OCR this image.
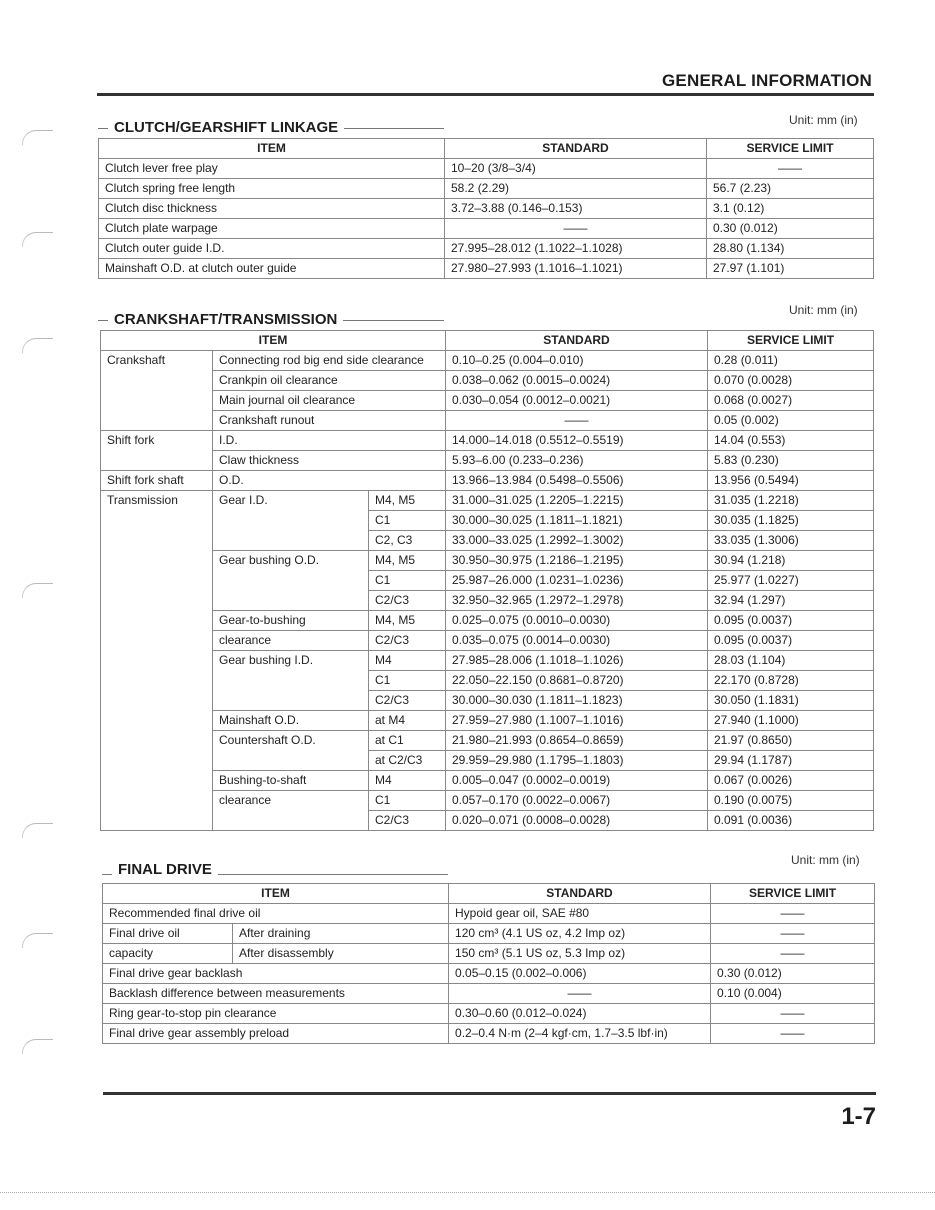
GENERAL INFORMATION
CLUTCH/GEARSHIFT LINKAGE	Unit: mm (in)
ITEM	STANDARD	SERVICE LIMIT
Clutch lever free play	10–20 (3/8–3/4)	——
Clutch spring free length	58.2 (2.29)	56.7 (2.23)
Clutch disc thickness	3.72–3.88 (0.146–0.153)	3.1 (0.12)
Clutch plate warpage	——	0.30 (0.012)
Clutch outer guide I.D.	27.995–28.012 (1.1022–1.1028)	28.80 (1.134)
Mainshaft O.D. at clutch outer guide	27.980–27.993 (1.1016–1.1021)	27.97 (1.101)
CRANKSHAFT/TRANSMISSION
Unit: mm (in)
ITEM			STANDARD	SERVICE LIMIT
Crankshaft	Connecting rod big end side clearance		0.10–0.25 (0.004–0.010)	0.28 (0.011)
	Crankpin oil clearance		0.038–0.062 (0.0015–0.0024)	0.070 (0.0028)
	Main journal oil clearance		0.030–0.054 (0.0012–0.0021)	0.068 (0.0027)
	Crankshaft runout		——	0.05 (0.002)
Shift fork	I.D.		14.000–14.018 (0.5512–0.5519)	14.04 (0.553)
	Claw thickness		5.93–6.00 (0.233–0.236)	5.83 (0.230)
Shift fork shaft	O.D.		13.966–13.984 (0.5498–0.5506)	13.956 (0.5494)
Transmission	Gear I.D.	M4, M5	31.000–31.025 (1.2205–1.2215)	31.035 (1.2218)
		C1	30.000–30.025 (1.1811–1.1821)	30.035 (1.1825)
		C2, C3	33.000–33.025 (1.2992–1.3002)	33.035 (1.3006)
	Gear bushing O.D.	M4, M5	30.950–30.975 (1.2186–1.2195)	30.94 (1.218)
		C1	25.987–26.000 (1.0231–1.0236)	25.977 (1.0227)
		C2/C3	32.950–32.965 (1.2972–1.2978)	32.94 (1.297)
	Gear-to-bushing	M4, M5	0.025–0.075 (0.0010–0.0030)	0.095 (0.0037)
	clearance	C2/C3	0.035–0.075 (0.0014–0.0030)	0.095 (0.0037)
	Gear bushing I.D.	M4	27.985–28.006 (1.1018–1.1026)	28.03 (1.104)
		C1	22.050–22.150 (0.8681–0.8720)	22.170 (0.8728)
		C2/C3	30.000–30.030 (1.1811–1.1823)	30.050 (1.1831)
	Mainshaft O.D.	at M4	27.959–27.980 (1.1007–1.1016)	27.940 (1.1000)
	Countershaft O.D.	at C1	21.980–21.993 (0.8654–0.8659)	21.97 (0.8650)
		at C2/C3	29.959–29.980 (1.1795–1.1803)	29.94 (1.1787)
	Bushing-to-shaft	M4	0.005–0.047 (0.0002–0.0019)	0.067 (0.0026)
	clearance	C1	0.057–0.170 (0.0022–0.0067)	0.190 (0.0075)
		C2/C3	0.020–0.071 (0.0008–0.0028)	0.091 (0.0036)
FINAL DRIVE
Unit: mm (in)
ITEM		STANDARD	SERVICE LIMIT
Recommended final drive oil		Hypoid gear oil, SAE #80	——
Final drive oil	After draining	120 cm³ (4.1 US oz, 4.2 Imp oz)	——
capacity	After disassembly	150 cm³ (5.1 US oz, 5.3 Imp oz)	——
Final drive gear backlash		0.05–0.15 (0.002–0.006)	0.30 (0.012)
Backlash difference between measurements		——	0.10 (0.004)
Ring gear-to-stop pin clearance		0.30–0.60 (0.012–0.024)	——
Final drive gear assembly preload		0.2–0.4 N·m (2–4 kgf·cm, 1.7–3.5 lbf·in)	——
1-7
